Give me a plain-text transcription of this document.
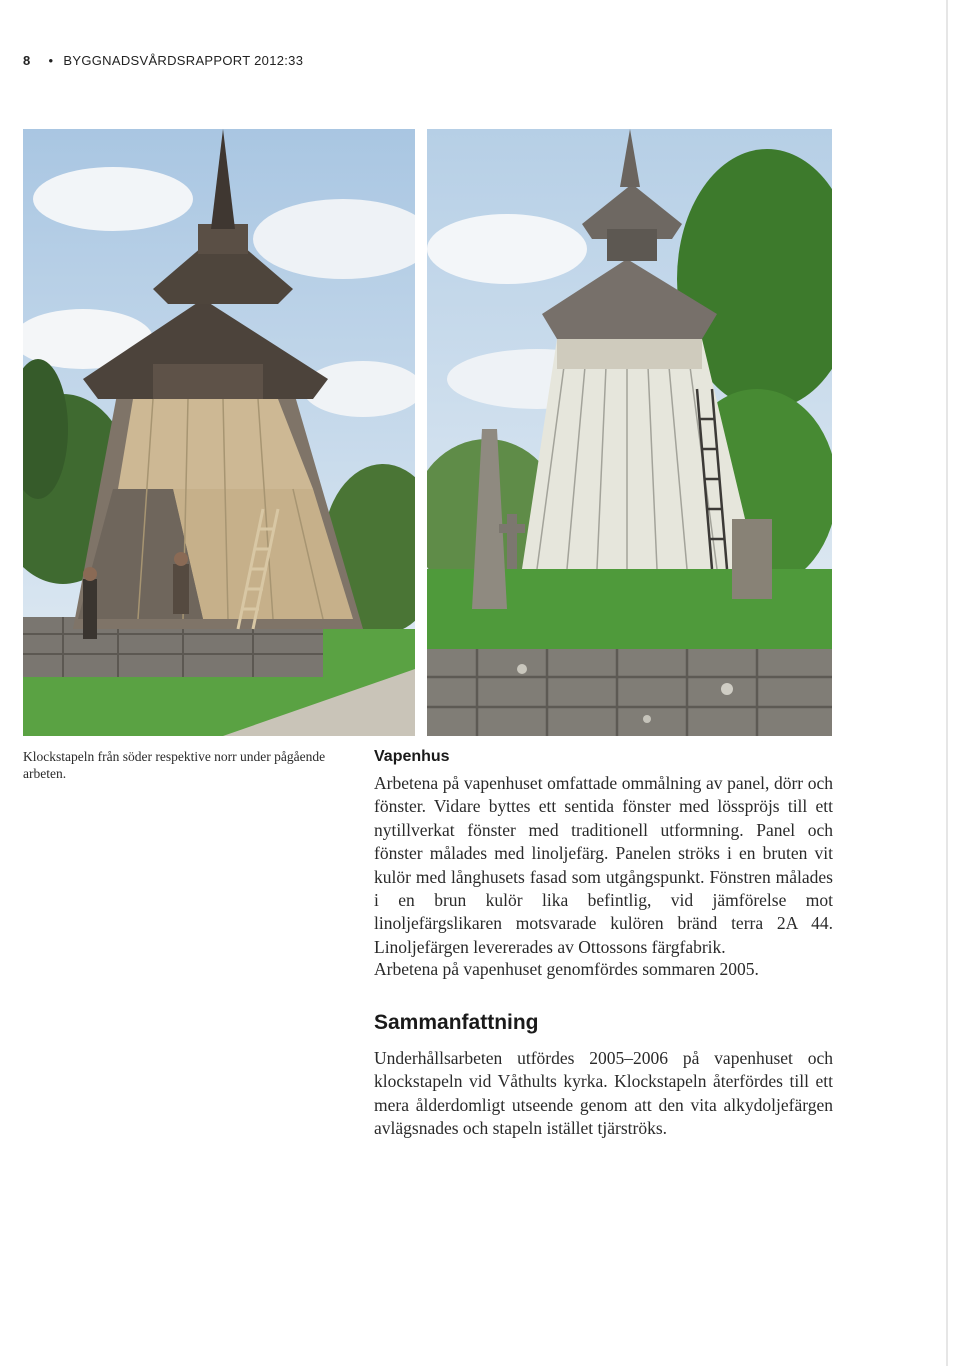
8 • BYGGNADSVÅRDSRAPPORT 2012:33
Klockstapeln från söder respektive norr under pågående arbeten.
Vapenhus
Arbetena på vapenhuset omfattade ommålning av panel, dörr och fönster. Vidare byttes ett sentida fönster med lösspröjs till ett nytillverkat fönster med traditionell utformning. Panel och fönster målades med linoljefärg. Panelen ströks i en bruten vit kulör med långhusets fasad som utgångspunkt. Fönstren målades i en brun kulör lika befintlig, vid jämförelse mot linoljefärgslikaren motsvarade kulören bränd terra 2A 44. Linoljefärgen levererades av Ottossons färgfabrik.
Arbetena på vapenhuset genomfördes sommaren 2005.
Sammanfattning
Underhållsarbeten utfördes 2005–2006 på vapenhuset och klockstapeln vid Våthults kyrka. Klockstapeln återfördes till ett mera ålderdomligt utseende genom att den vita alkydoljefärgen avlägsnades och stapeln istället tjärströks.
